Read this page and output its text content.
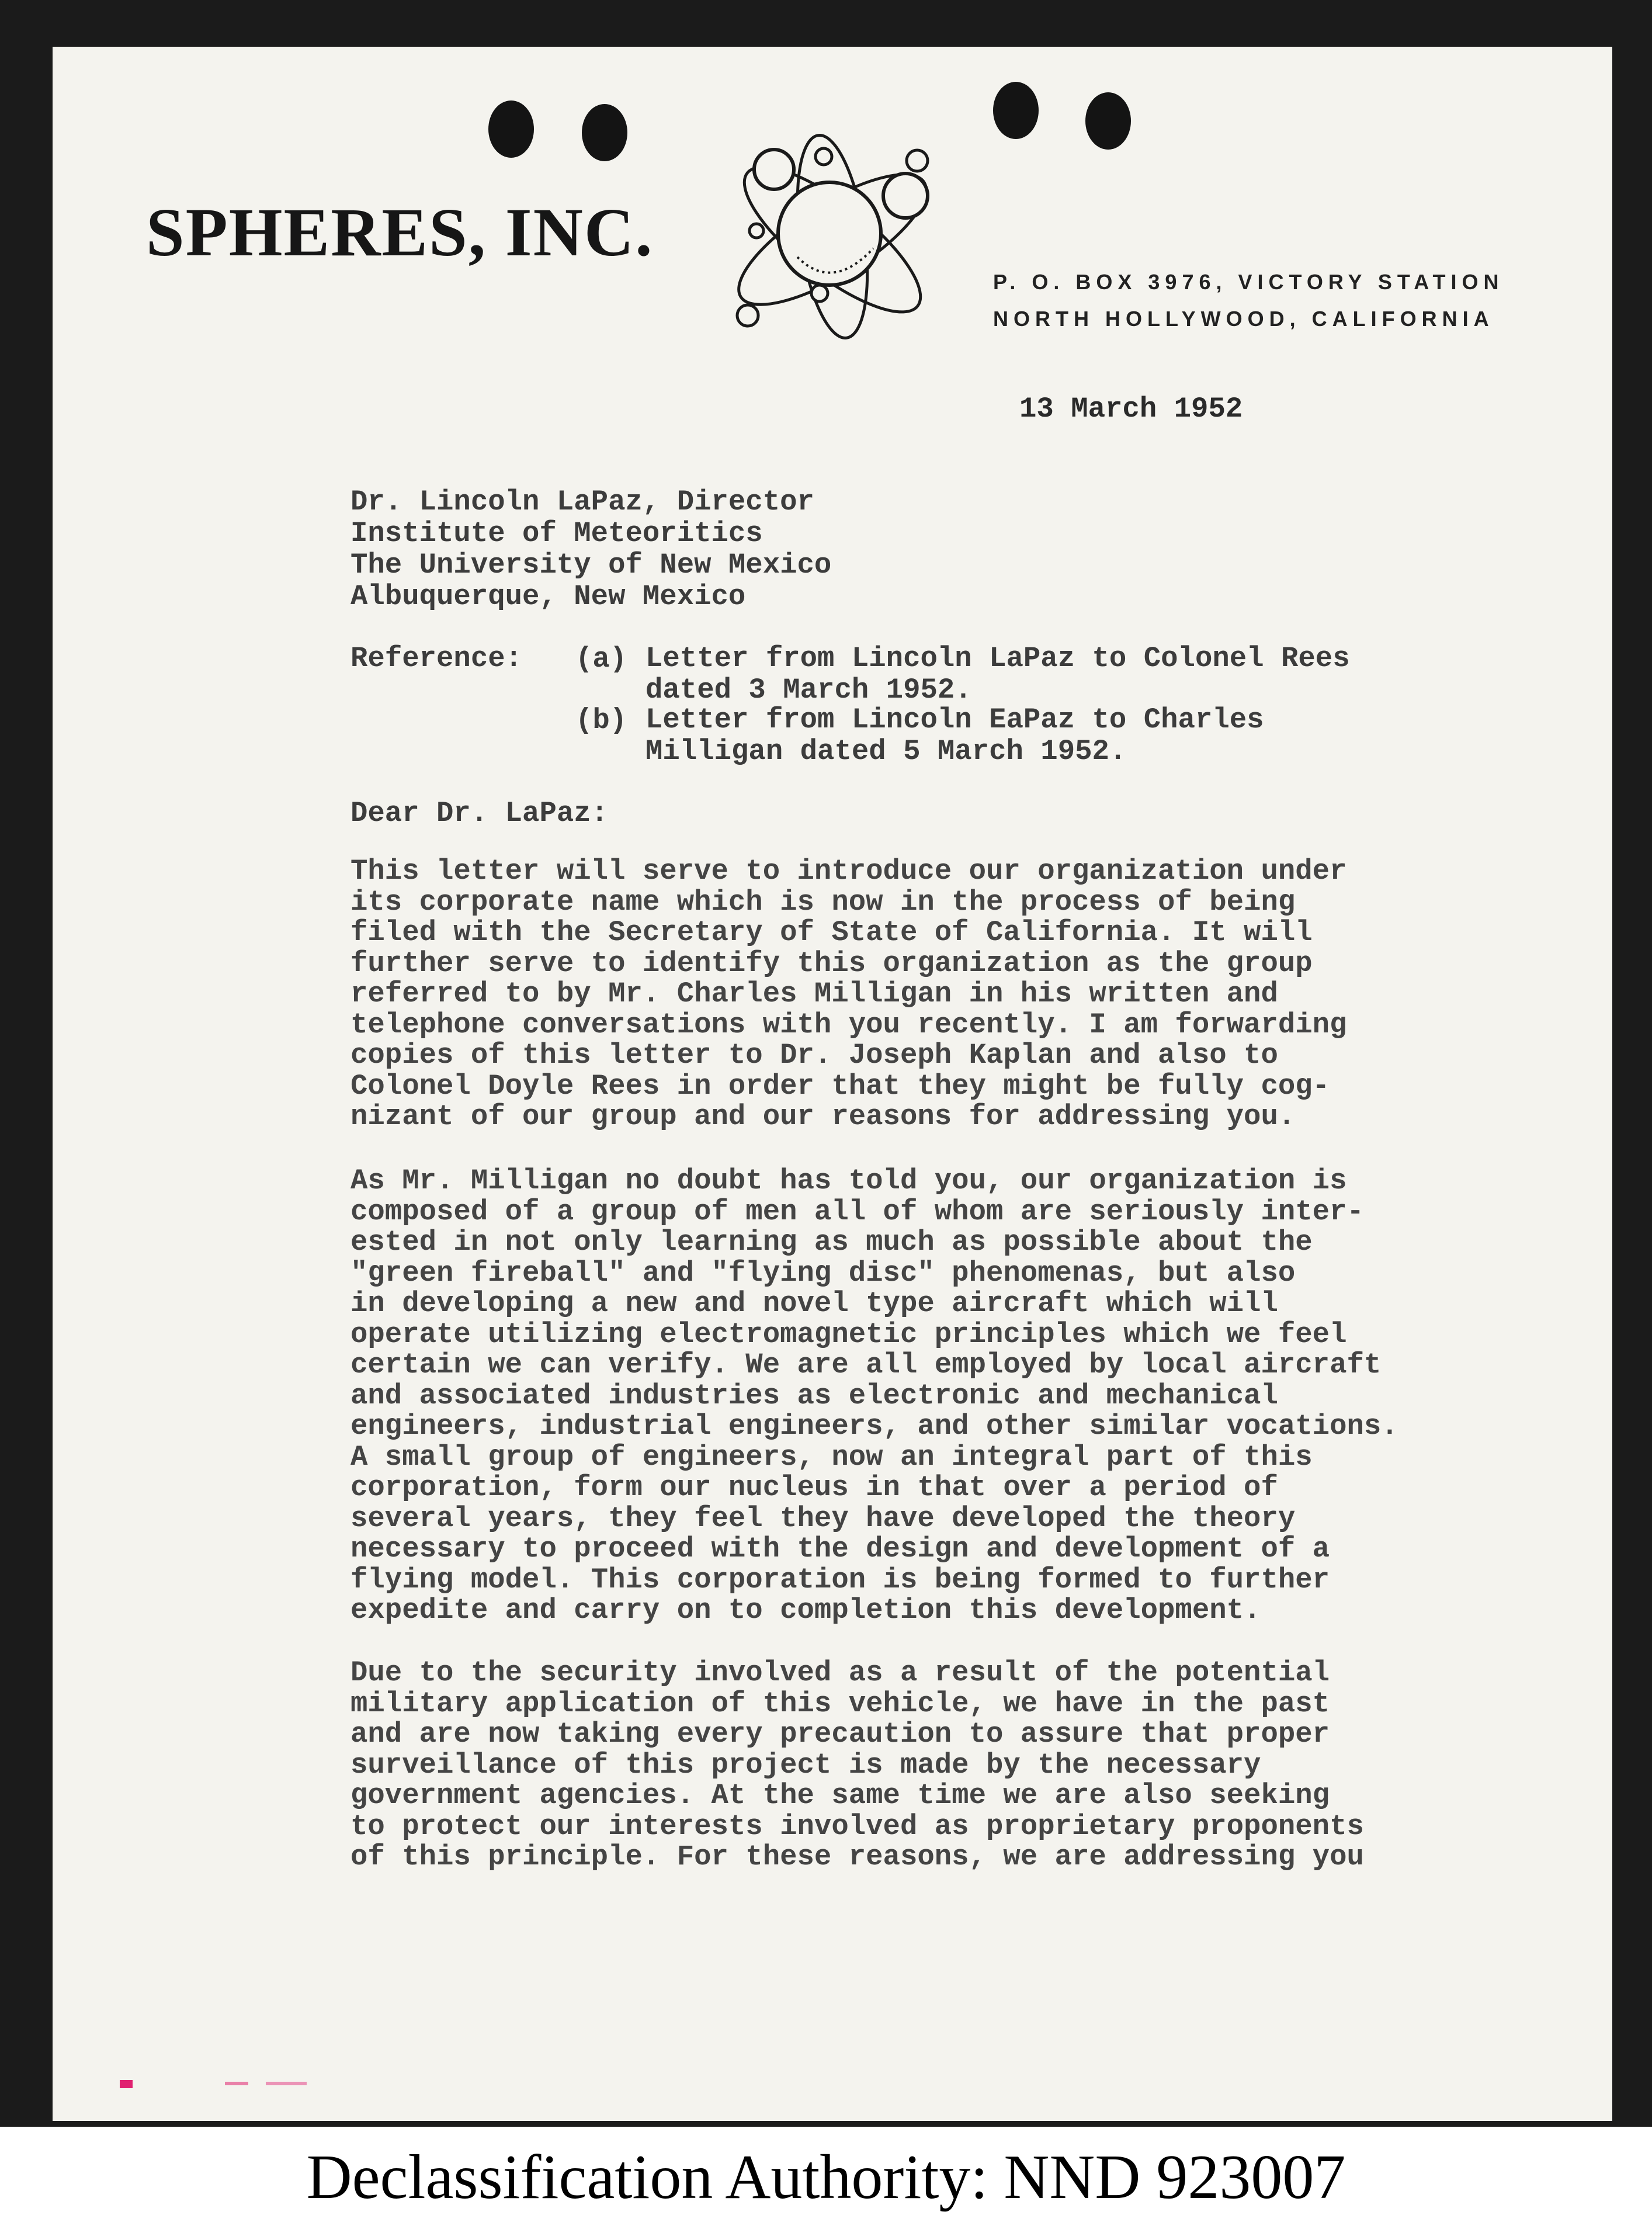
SPHERES, INC.
P. O. BOX 3976, VICTORY STATION
NORTH HOLLYWOOD, CALIFORNIA

13 March 1952

Dr. Lincoln LaPaz, Director
Institute of Meteoritics
The University of New Mexico
Albuquerque, New Mexico
Reference: (a) Letter from Lincoln LaPaz to Colonel Rees
dated 3 March 1952.
(b) Letter from Lincoln EaPaz to Charles
Milligan dated 5 March 1952.

Dear Dr. LaPaz:

This letter will serve to introduce our organization under
its corporate name which is now in the process of being
filed with the Secretary of State of California. It will
further serve to identify this organization as the group
referred to by Mr. Charles Milligan in his written and
telephone conversations with you recently. I am forwarding
copies of this letter to Dr. Joseph Kaplan and also to
Colonel Doyle Rees in order that they might be fully cog-
nizant of our group and our reasons for addressing you.
As Mr. Milligan no doubt has told you, our organization is
composed of a group of men all of whom are seriously inter-
ested in not only learning as much as possible about the
"green fireball" and "flying disc" phenomenas, but also
in developing a new and novel type aircraft which will
operate utilizing electromagnetic principles which we feel
certain we can verify. We are all employed by local aircraft
and associated industries as electronic and mechanical
engineers, industrial engineers, and other similar vocations.
A small group of engineers, now an integral part of this
corporation, form our nucleus in that over a period of
several years, they feel they have developed the theory
necessary to proceed with the design and development of a
flying model. This corporation is being formed to further
expedite and carry on to completion this development.
Due to the security involved as a result of the potential
military application of this vehicle, we have in the past
and are now taking every precaution to assure that proper
surveillance of this project is made by the necessary
government agencies. At the same time we are also seeking
to protect our interests involved as proprietary proponents
of this principle. For these reasons, we are addressing you
Declassification Authority: NND 923007
